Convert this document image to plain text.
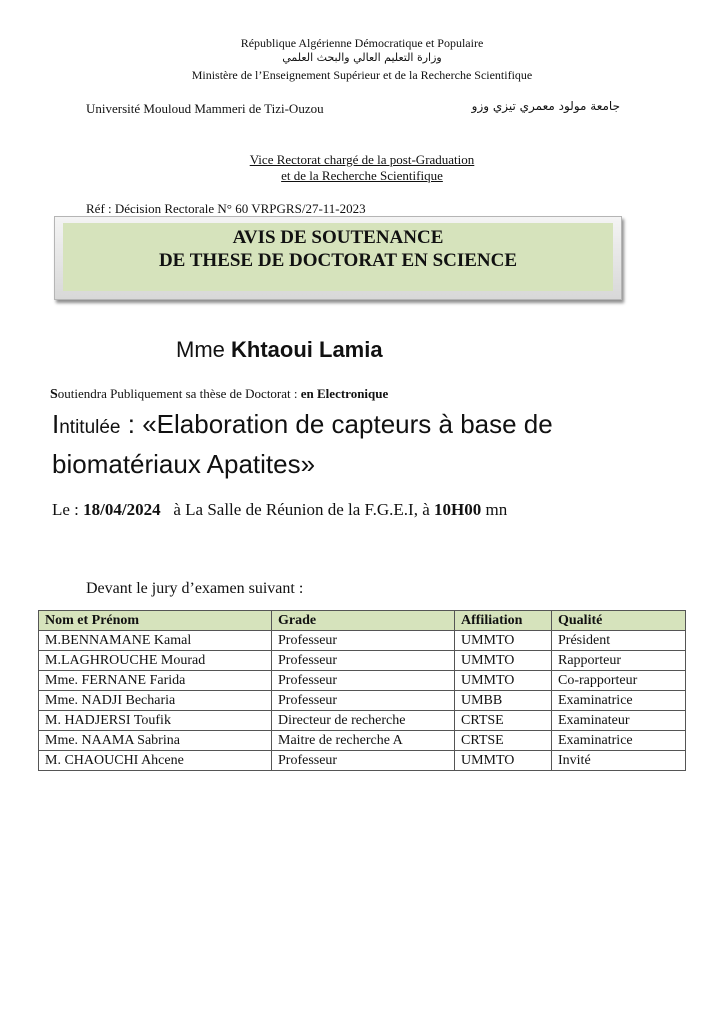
République Algérienne Démocratique et Populaire
وزارة التعليم العالي والبحث العلمي
Ministère de l’Enseignement Supérieur et de la Recherche Scientifique
Université Mouloud Mammeri de Tizi-Ouzou	جامعة مولود معمري تيزي وزو
Vice Rectorat chargé de la post-Graduation
et de la Recherche Scientifique
Réf : Décision Rectorale N° 60 VRPGRS/27-11-2023
AVIS DE SOUTENANCE
DE THESE DE DOCTORAT EN SCIENCE
Mme Khtaoui Lamia
Soutiendra Publiquement sa thèse de Doctorat : en Electronique
Intitulée : «Elaboration de capteurs à base de
biomatériaux Apatites»
Le : 18/04/2024 à La Salle de Réunion de la F.G.E.I, à 10H00 mn
Devant le jury d’examen suivant :
Nom et Prénom	Grade	Affiliation	Qualité
M.BENNAMANE Kamal	Professeur	UMMTO	Président
M.LAGHROUCHE Mourad	Professeur	UMMTO	Rapporteur
Mme. FERNANE Farida	Professeur	UMMTO	Co-rapporteur
Mme. NADJI Becharia	Professeur	UMBB	Examinatrice
M. HADJERSI Toufik	Directeur de recherche	CRTSE	Examinateur
Mme. NAAMA Sabrina	Maitre de recherche A	CRTSE	Examinatrice
M. CHAOUCHI Ahcene	Professeur	UMMTO	Invité
